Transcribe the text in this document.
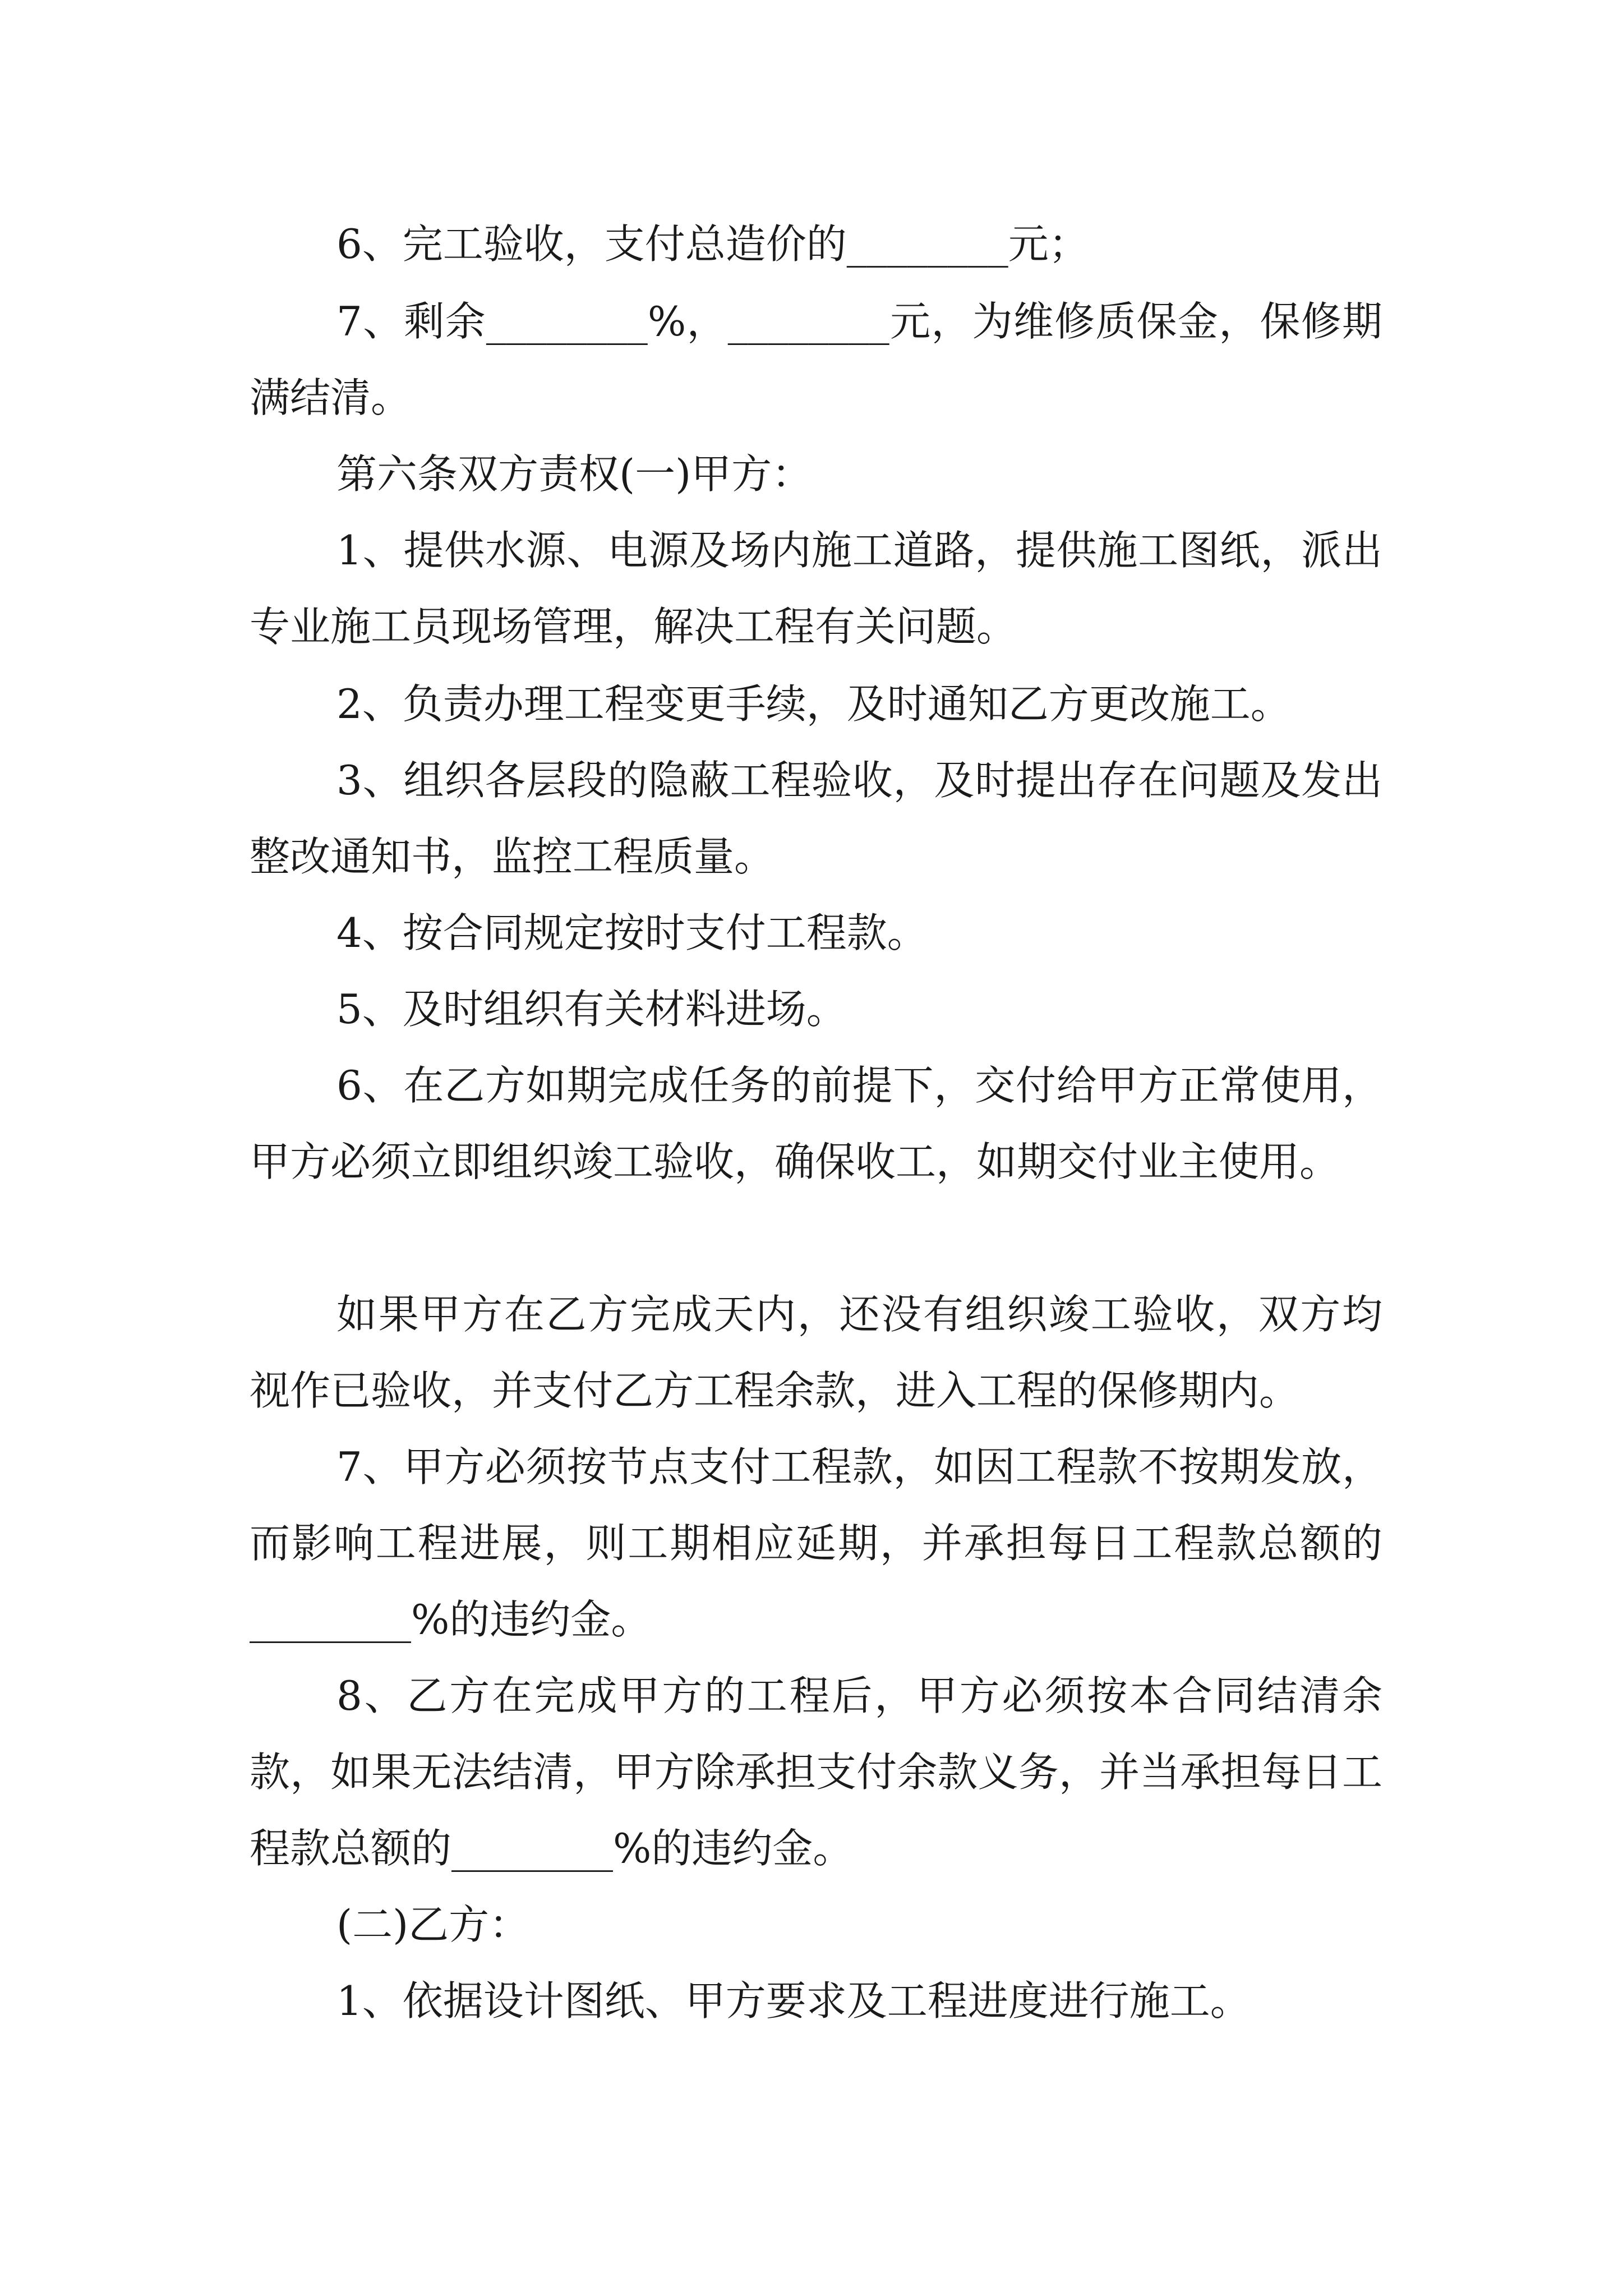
6、完工验收，支付总造价的________元；

7、剩余________%，________元，为维修质保金，保修期满结清。

第六条双方责权(一)甲方：

1、提供水源、电源及场内施工道路，提供施工图纸，派出专业施工员现场管理，解决工程有关问题。

2、负责办理工程变更手续，及时通知乙方更改施工。

3、组织各层段的隐蔽工程验收，及时提出存在问题及发出整改通知书，监控工程质量。

4、按合同规定按时支付工程款。

5、及时组织有关材料进场。

6、在乙方如期完成任务的前提下，交付给甲方正常使用，甲方必须立即组织竣工验收，确保收工，如期交付业主使用。

如果甲方在乙方完成天内，还没有组织竣工验收，双方均视作已验收，并支付乙方工程余款，进入工程的保修期内。

7、甲方必须按节点支付工程款，如因工程款不按期发放，而影响工程进展，则工期相应延期，并承担每日工程款总额的________%的违约金。

8、乙方在完成甲方的工程后，甲方必须按本合同结清余款，如果无法结清，甲方除承担支付余款义务，并当承担每日工程款总额的________%的违约金。

(二)乙方：

1、依据设计图纸、甲方要求及工程进度进行施工。
